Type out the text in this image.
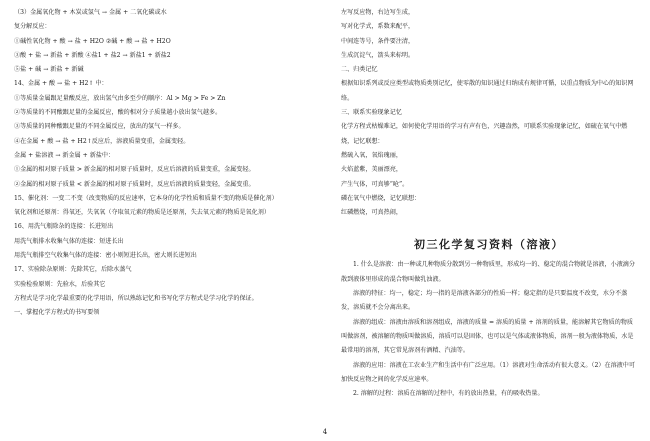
（3）金属氧化物 + 木炭或氢气 → 金属 + 二氧化碳或水
复分解反应：
①碱性氧化物 + 酸 → 盐 + H2O ②碱 + 酸 → 盐 + H2O
③酸 + 盐 → 新盐 + 新酸 ④盐1 + 盐2 → 新盐1 + 新盐2
⑤盐 + 碱 → 新盐 + 新碱
14、金属 + 酸 → 盐 + H2↑ 中：
①等质量金属跟足量酸反应，放出氢气由多至少的顺序：Al > Mg > Fe > Zn
②等质量的不同酸跟足量的金属反应，酸的相对分子质量越小放出氢气越多。
③等质量的同种酸跟足量的不同金属反应，放出的氢气一样多。
④在金属 + 酸 → 盐 + H2↑反应后，溶液质量变重，金属变轻。
金属 + 盐溶液 → 新金属 + 新盐中：
①金属的相对原子质量 > 新金属的相对原子质量时，反应后溶液的质量变重，金属变轻。
②金属的相对原子质量 < 新金属的相对原子质量时，反应后溶液的质量变轻，金属变重。
15、催化剂：一变二不变（改变物质的反应速率，它本身的化学性质和质量不变的物质是催化剂）
氧化剂和还原剂：得氧还，失氧氧（夺取氧元素的物质是还原剂，失去氧元素的物质是氧化剂）
16、用洗气瓶除杂的连接：长进短出
用洗气瓶排水收集气体的连接：短进长出
用洗气瓶排空气收集气体的连接：密小则短进长出，密大则长进短出
17、实验除杂原则：先除其它，后除水蒸气
实验检验原则：先验水，后验其它
方程式是学习化学最重要的化学用语，所以熟练记忆和书写化学方程式是学习化学的保证。
一、掌握化学方程式的书写要领
左写反应物，右边写生成，
写对化学式，系数来配平，
中间连等号，条件要注清，
生成沉淀气，箭头来标明。
二、归类记忆
根据知识系列或反应类型或物质类别记忆，使零散的知识通过归纳成有规律可循，以重点物质为中心的知识网络。
三、联系实验现象记忆
化学方程式枯燥难记，如何使化学用语的学习有声有色，兴趣盎然，可联系实验现象记忆，如硫在氧气中燃烧，记忆联想：
燃硫入氧，氧焰瑰丽，
火焰蓝紫，美丽漂亮，
产生气体，可真够“呛”。
磷在氧气中燃烧，记忆联想：
红磷燃烧，可真热闹，
初三化学复习资料（溶液）
1. 什么是溶液：由一种或几种物质分散到另一种物质里，形成均一的、稳定的混合物就是溶液，小液滴分散到液体里形成的混合物叫做乳浊液。
溶液的特征：均一，稳定；均一指的是溶液各部分的性质一样；稳定指的是只要温度不改变，水分不蒸发，溶质就不会分离出来。
溶液的组成：溶液由溶质和溶剂组成，溶液的质量 = 溶质的质量 + 溶剂的质量，能溶解其它物质的物质叫做溶剂，被溶解的物质叫做溶质，溶质可以是固体，也可以是气体或液体物质，溶剂一般为液体物质，水是最常用的溶剂，其它常见溶剂有酒精、汽油等。
溶液的应用：溶液在工农业生产和生活中有广泛应用。（1）溶液对生命活动有很大意义。（2）在溶液中可加快反应物之间的化学反应速率。
2. 溶解的过程：溶质在溶解的过程中，有的放出热量，有的吸收热量。
4
